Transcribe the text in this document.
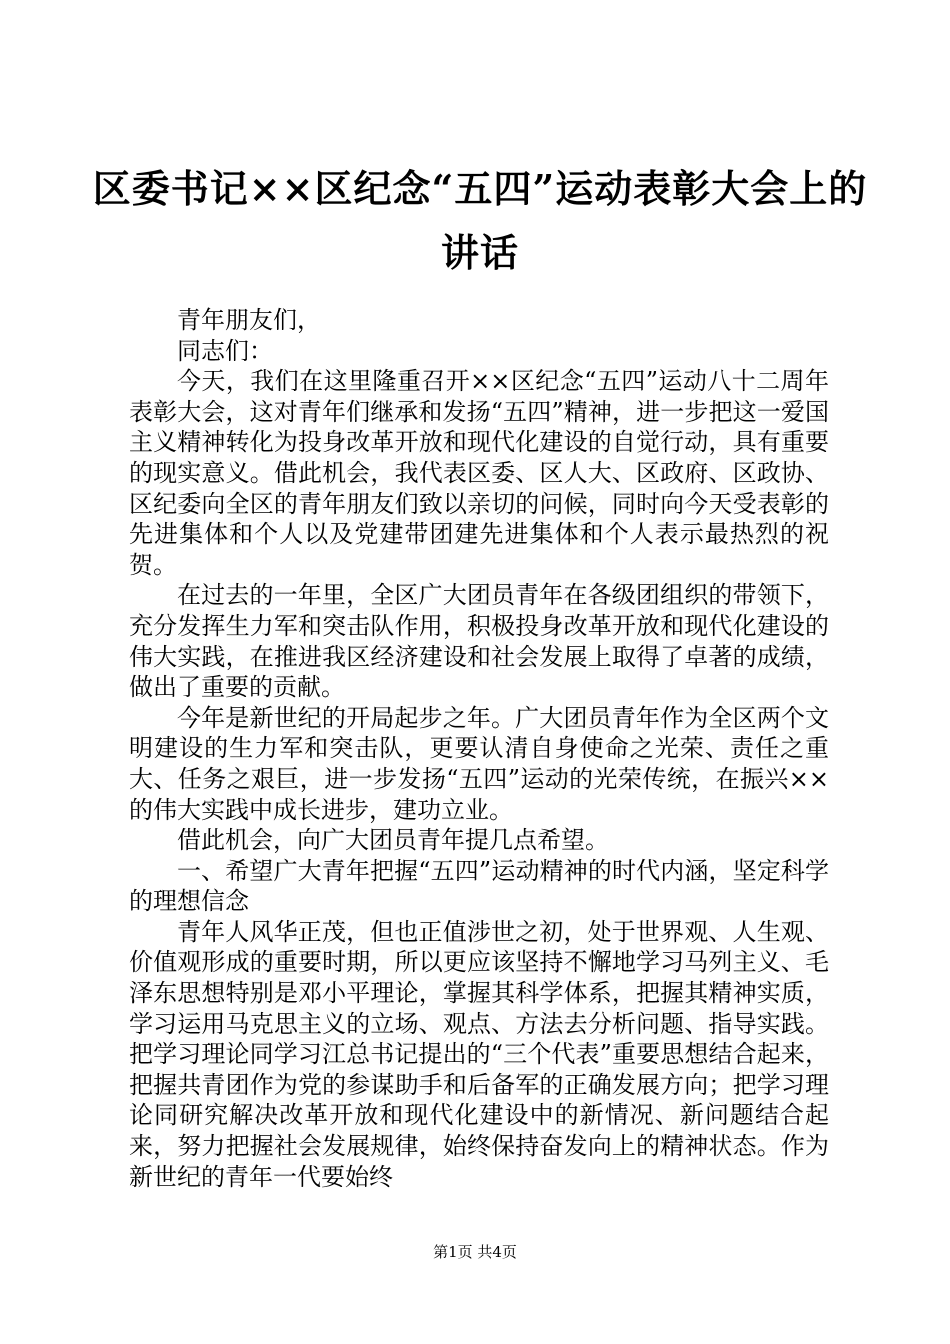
区委书记××区纪念“五四”运动表彰大会上的讲话

青年朋友们，

同志们：

今天，我们在这里隆重召开××区纪念“五四”运动八十二周年表彰大会，这对青年们继承和发扬“五四”精神，进一步把这一爱国主义精神转化为投身改革开放和现代化建设的自觉行动，具有重要的现实意义。借此机会，我代表区委、区人大、区政府、区政协、区纪委向全区的青年朋友们致以亲切的问候，同时向今天受表彰的先进集体和个人以及党建带团建先进集体和个人表示最热烈的祝贺。

在过去的一年里，全区广大团员青年在各级团组织的带领下，充分发挥生力军和突击队作用，积极投身改革开放和现代化建设的伟大实践，在推进我区经济建设和社会发展上取得了卓著的成绩，做出了重要的贡献。

今年是新世纪的开局起步之年。广大团员青年作为全区两个文明建设的生力军和突击队，更要认清自身使命之光荣、责任之重大、任务之艰巨，进一步发扬“五四”运动的光荣传统，在振兴××的伟大实践中成长进步，建功立业。

借此机会，向广大团员青年提几点希望。

一、希望广大青年把握“五四”运动精神的时代内涵，坚定科学的理想信念

青年人风华正茂，但也正值涉世之初，处于世界观、人生观、价值观形成的重要时期，所以更应该坚持不懈地学习马列主义、毛泽东思想特别是邓小平理论，掌握其科学体系，把握其精神实质，学习运用马克思主义的立场、观点、方法去分析问题、指导实践。把学习理论同学习江总书记提出的“三个代表”重要思想结合起来，把握共青团作为党的参谋助手和后备军的正确发展方向；把学习理论同研究解决改革开放和现代化建设中的新情况、新问题结合起来，努力把握社会发展规律，始终保持奋发向上的精神状态。作为新世纪的青年一代要始终

第1页 共4页
